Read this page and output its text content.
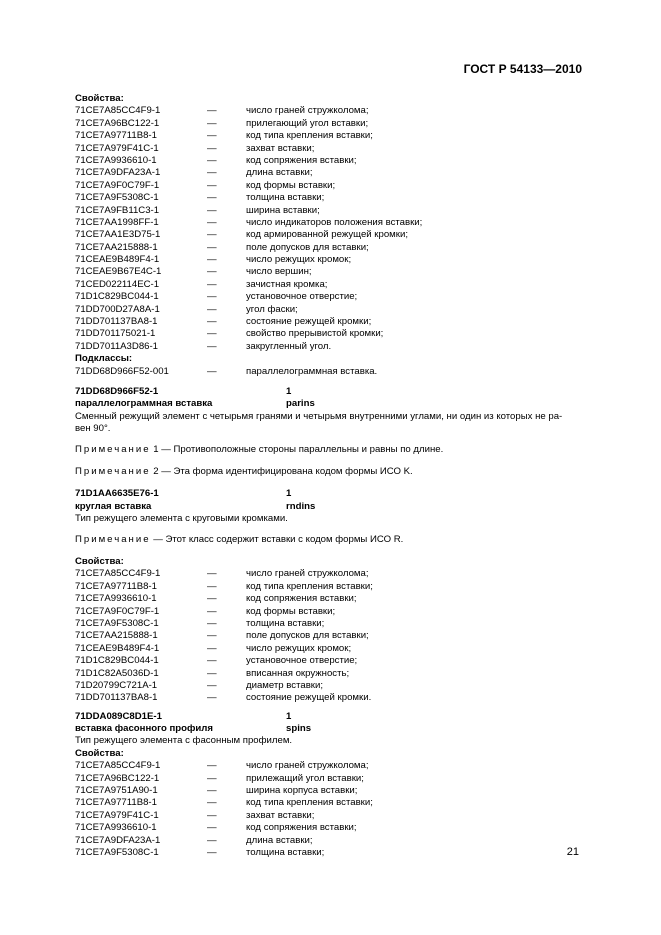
ГОСТ Р 54133—2010
Свойства:
71CE7A85CC4F9-1	—	число граней стружколома;
71CE7A96BC122-1	—	прилегающий угол вставки;
71CE7A97711B8-1	—	код типа крепления вставки;
71CE7A979F41C-1	—	захват вставки;
71CE7A9936610-1	—	код сопряжения вставки;
71CE7A9DFA23A-1	—	длина вставки;
71CE7A9F0C79F-1	—	код формы вставки;
71CE7A9F5308C-1	—	толщина вставки;
71CE7A9FB11C3-1	—	ширина вставки;
71CE7AA1998FF-1	—	число индикаторов положения вставки;
71CE7AA1E3D75-1	—	код армированной режущей кромки;
71CE7AA215888-1	—	поле допусков для вставки;
71CEAE9B489F4-1	—	число режущих кромок;
71CEAE9B67E4C-1	—	число вершин;
71CED022114EC-1	—	зачистная кромка;
71D1C829BC044-1	—	установочное отверстие;
71DD700D27A8A-1	—	угол фаски;
71DD701137BA8-1	—	состояние режущей кромки;
71DD701175021-1	—	свойство прерывистой кромки;
71DD7011A3D86-1	—	закругленный угол.
Подклассы:
71DD68D966F52-001	—	параллелограммная вставка.
71DD68D966F52-1	1
параллелограммная вставка	parins
Сменный режущий элемент с четырьмя гранями и четырьмя внутренними углами, ни один из которых не ра-
вен 90°.
Примечание 1 — Противоположные стороны параллельны и равны по длине.
Примечание 2 — Эта форма идентифицирована кодом формы ИСО K.
71D1AA6635E76-1	1
круглая вставка	rndins
Тип режущего элемента с круговыми кромками.
Примечание — Этот класс содержит вставки с кодом формы ИСО R.
Свойства:
71CE7A85CC4F9-1	—	число граней стружколома;
71CE7A97711B8-1	—	код типа крепления вставки;
71CE7A9936610-1	—	код сопряжения вставки;
71CE7A9F0C79F-1	—	код формы вставки;
71CE7A9F5308C-1	—	толщина вставки;
71CE7AA215888-1	—	поле допусков для вставки;
71CEAE9B489F4-1	—	число режущих кромок;
71D1C829BC044-1	—	установочное отверстие;
71D1C82A5036D-1	—	вписанная окружность;
71D20799C721A-1	—	диаметр вставки;
71DD701137BA8-1	—	состояние режущей кромки.
71DDA089C8D1E-1	1
вставка фасонного профиля	spins
Тип режущего элемента с фасонным профилем.
Свойства:
71CE7A85CC4F9-1	—	число граней стружколома;
71CE7A96BC122-1	—	прилежащий угол вставки;
71CE7A9751A90-1	—	ширина корпуса вставки;
71CE7A97711B8-1	—	код типа крепления вставки;
71CE7A979F41C-1	—	захват вставки;
71CE7A9936610-1	—	код сопряжения вставки;
71CE7A9DFA23A-1	—	длина вставки;
71CE7A9F5308C-1	—	толщина вставки;	21
